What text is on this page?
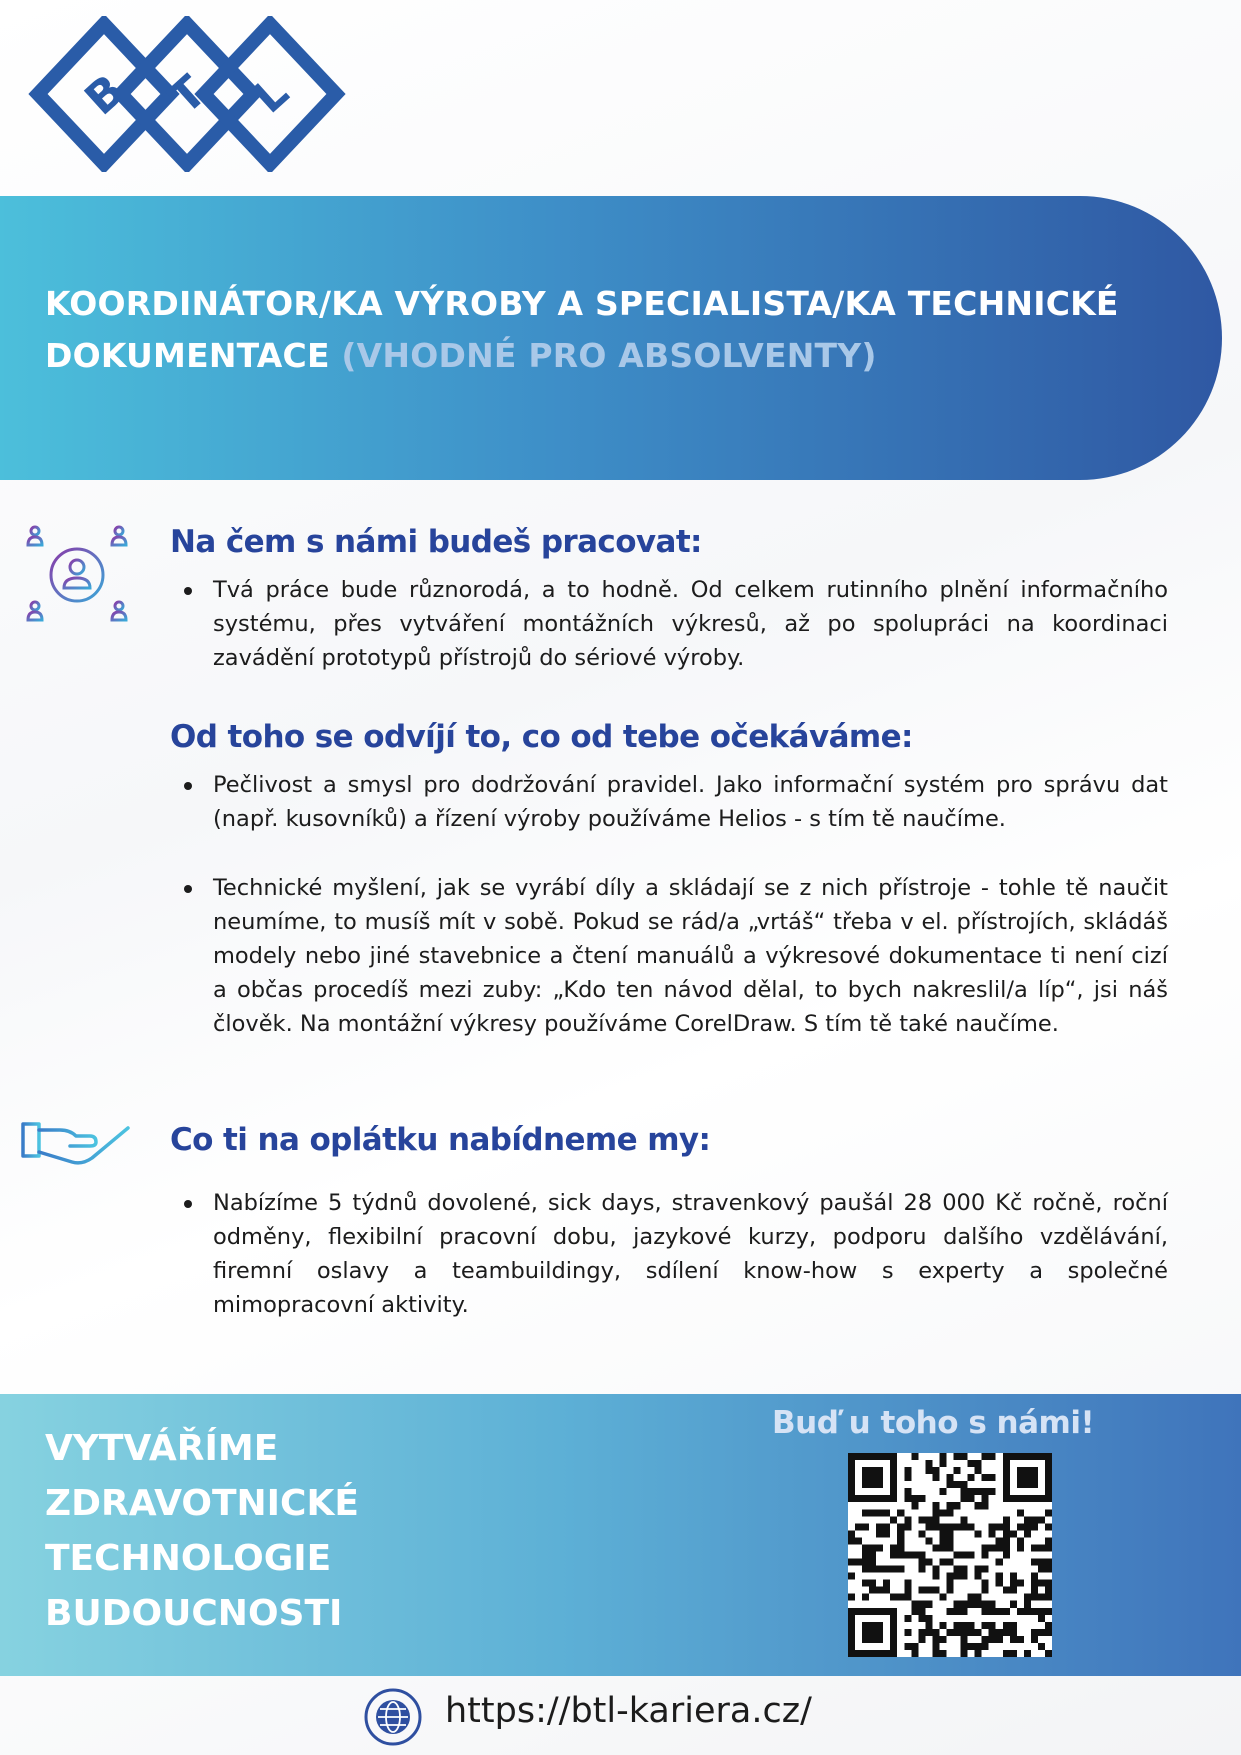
B T L
KOORDINÁTOR/KA VÝROBY A SPECIALISTA/KA TECHNICKÉ DOKUMENTACE (VHODNÉ PRO ABSOLVENTY)
Na čem s námi budeš pracovat:
Tvá práce bude různorodá, a to hodně. Od celkem rutinního plnění informačního systému, přes vytváření montážních výkresů, až po spolupráci na koordinaci zavádění prototypů přístrojů do sériové výroby.
Od toho se odvíjí to, co od tebe očekáváme:
Pečlivost a smysl pro dodržování pravidel. Jako informační systém pro správu dat (např. kusovníků) a řízení výroby používáme Helios - s tím tě naučíme.
Technické myšlení, jak se vyrábí díly a skládají se z nich přístroje - tohle tě naučit neumíme, to musíš mít v sobě. Pokud se rád/a „vrtáš“ třeba v el. přístrojích, skládáš modely nebo jiné stavebnice a čtení manuálů a výkresové dokumentace ti není cizí a občas procedíš mezi zuby: „Kdo ten návod dělal, to bych nakreslil/a líp“, jsi náš člověk. Na montážní výkresy používáme CorelDraw. S tím tě také naučíme.
Co ti na oplátku nabídneme my:
Nabízíme 5 týdnů dovolené, sick days, stravenkový paušál 28 000 Kč ročně, roční odměny, flexibilní pracovní dobu, jazykové kurzy, podporu dalšího vzdělávání, firemní oslavy a teambuildingy, sdílení know-how s experty a společné mimopracovní aktivity.
VYTVÁŘÍME
ZDRAVOTNICKÉ
TECHNOLOGIE
BUDOUCNOSTI
Buď u toho s námi!
https://btl-kariera.cz/
